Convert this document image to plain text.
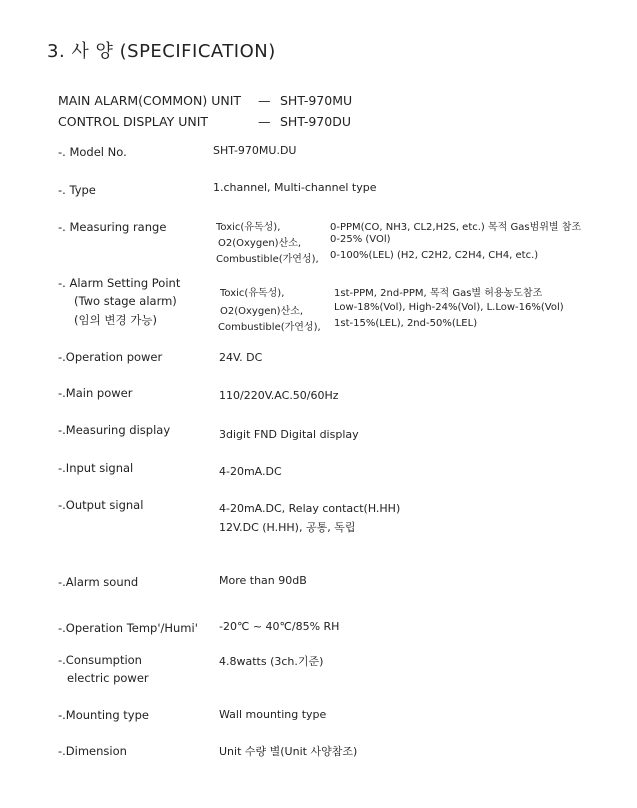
3. 사 양 (SPECIFICATION)
MAIN ALARM(COMMON) UNIT — SHT-970MU
CONTROL DISPLAY UNIT	— SHT-970DU
-. Model No.	SHT-970MU.DU
-. Type	1.channel, Multi-channel type
-. Measuring range	Toxic(유독성),	0-PPM(CO, NH3, CL2,H2S, etc.) 목적 Gas범위별 참조
O2(Oxygen)산소,	0-25% (VOl)
Combustible(가연성), 0-100%(LEL) (H2, C2H2, C2H4, CH4, etc.)
-. Alarm Setting Point
(Two stage alarm)
(임의 변경 가능)
Toxic(유독성),	1st-PPM, 2nd-PPM, 목적 Gas별 허용농도참조
O2(Oxygen)산소,	Low-18%(Vol), High-24%(Vol), L.Low-16%(Vol)
Combustible(가연성), 1st-15%(LEL), 2nd-50%(LEL)
-.Operation power	24V. DC
-.Main power	110/220V.AC.50/60Hz
-.Measuring display	3digit FND Digital display
-.Input signal	4-20mA.DC
-.Output signal	4-20mA.DC, Relay contact(H.HH)
12V.DC (H.HH), 공통, 독립
-.Alarm sound	More than 90dB
-.Operation Temp'/Humi' -20℃ ~ 40℃/85% RH
-.Consumption
electric power
4.8watts (3ch.기준)
-.Mounting type	Wall mounting type
-.Dimension	Unit 수량 별(Unit 사양참조)
